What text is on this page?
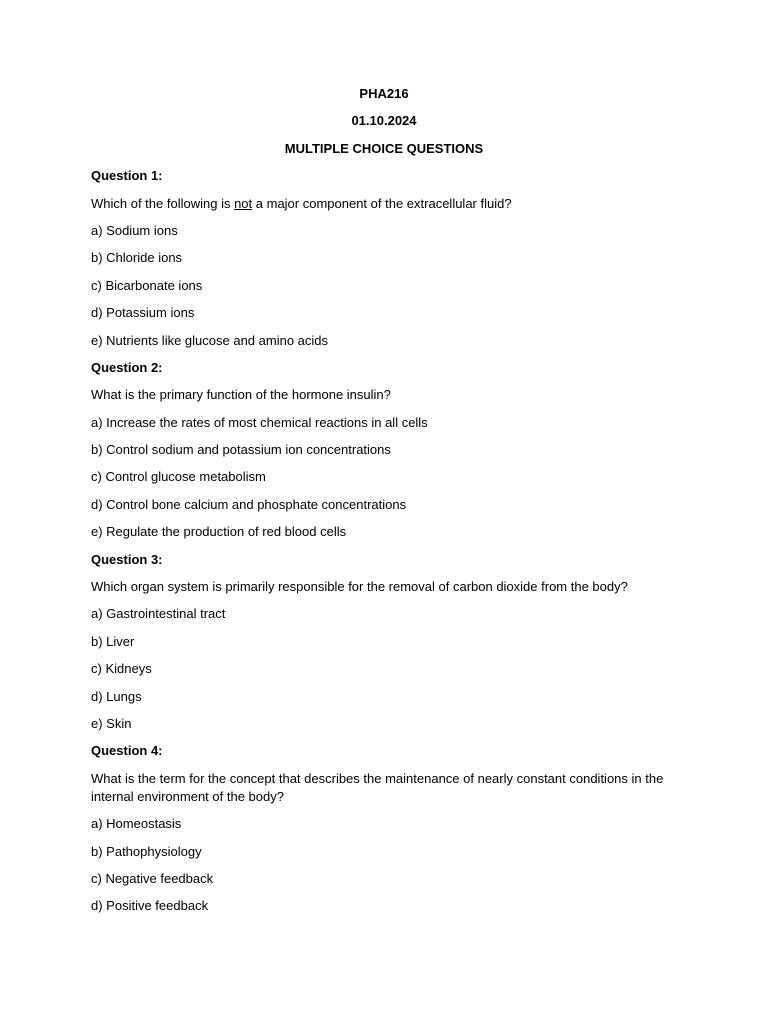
PHA216
01.10.2024
MULTIPLE CHOICE QUESTIONS
Question 1:
Which of the following is not a major component of the extracellular fluid?
a) Sodium ions
b) Chloride ions
c) Bicarbonate ions
d) Potassium ions
e) Nutrients like glucose and amino acids
Question 2:
What is the primary function of the hormone insulin?
a) Increase the rates of most chemical reactions in all cells
b) Control sodium and potassium ion concentrations
c) Control glucose metabolism
d) Control bone calcium and phosphate concentrations
e) Regulate the production of red blood cells
Question 3:
Which organ system is primarily responsible for the removal of carbon dioxide from the body?
a) Gastrointestinal tract
b) Liver
c) Kidneys
d) Lungs
e) Skin
Question 4:
What is the term for the concept that describes the maintenance of nearly constant conditions in the internal environment of the body?
a) Homeostasis
b) Pathophysiology
c) Negative feedback
d) Positive feedback
